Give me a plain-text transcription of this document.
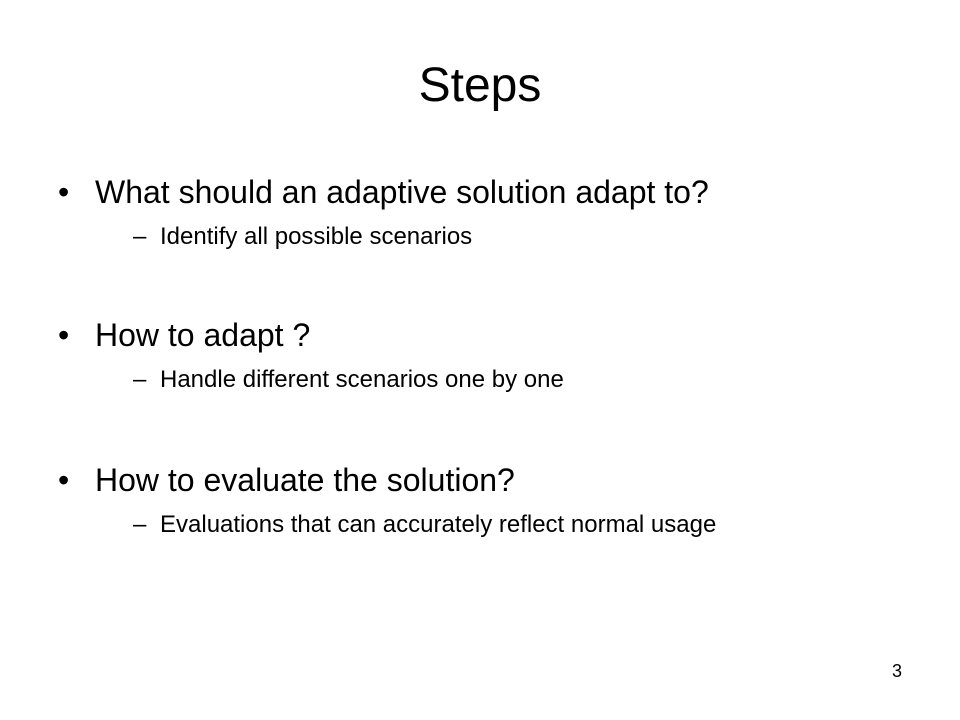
Steps
• What should an adaptive solution adapt to?
– Identify all possible scenarios
• How to adapt ?
– Handle different scenarios one by one
• How to evaluate the solution?
– Evaluations that can accurately reflect normal usage
3
